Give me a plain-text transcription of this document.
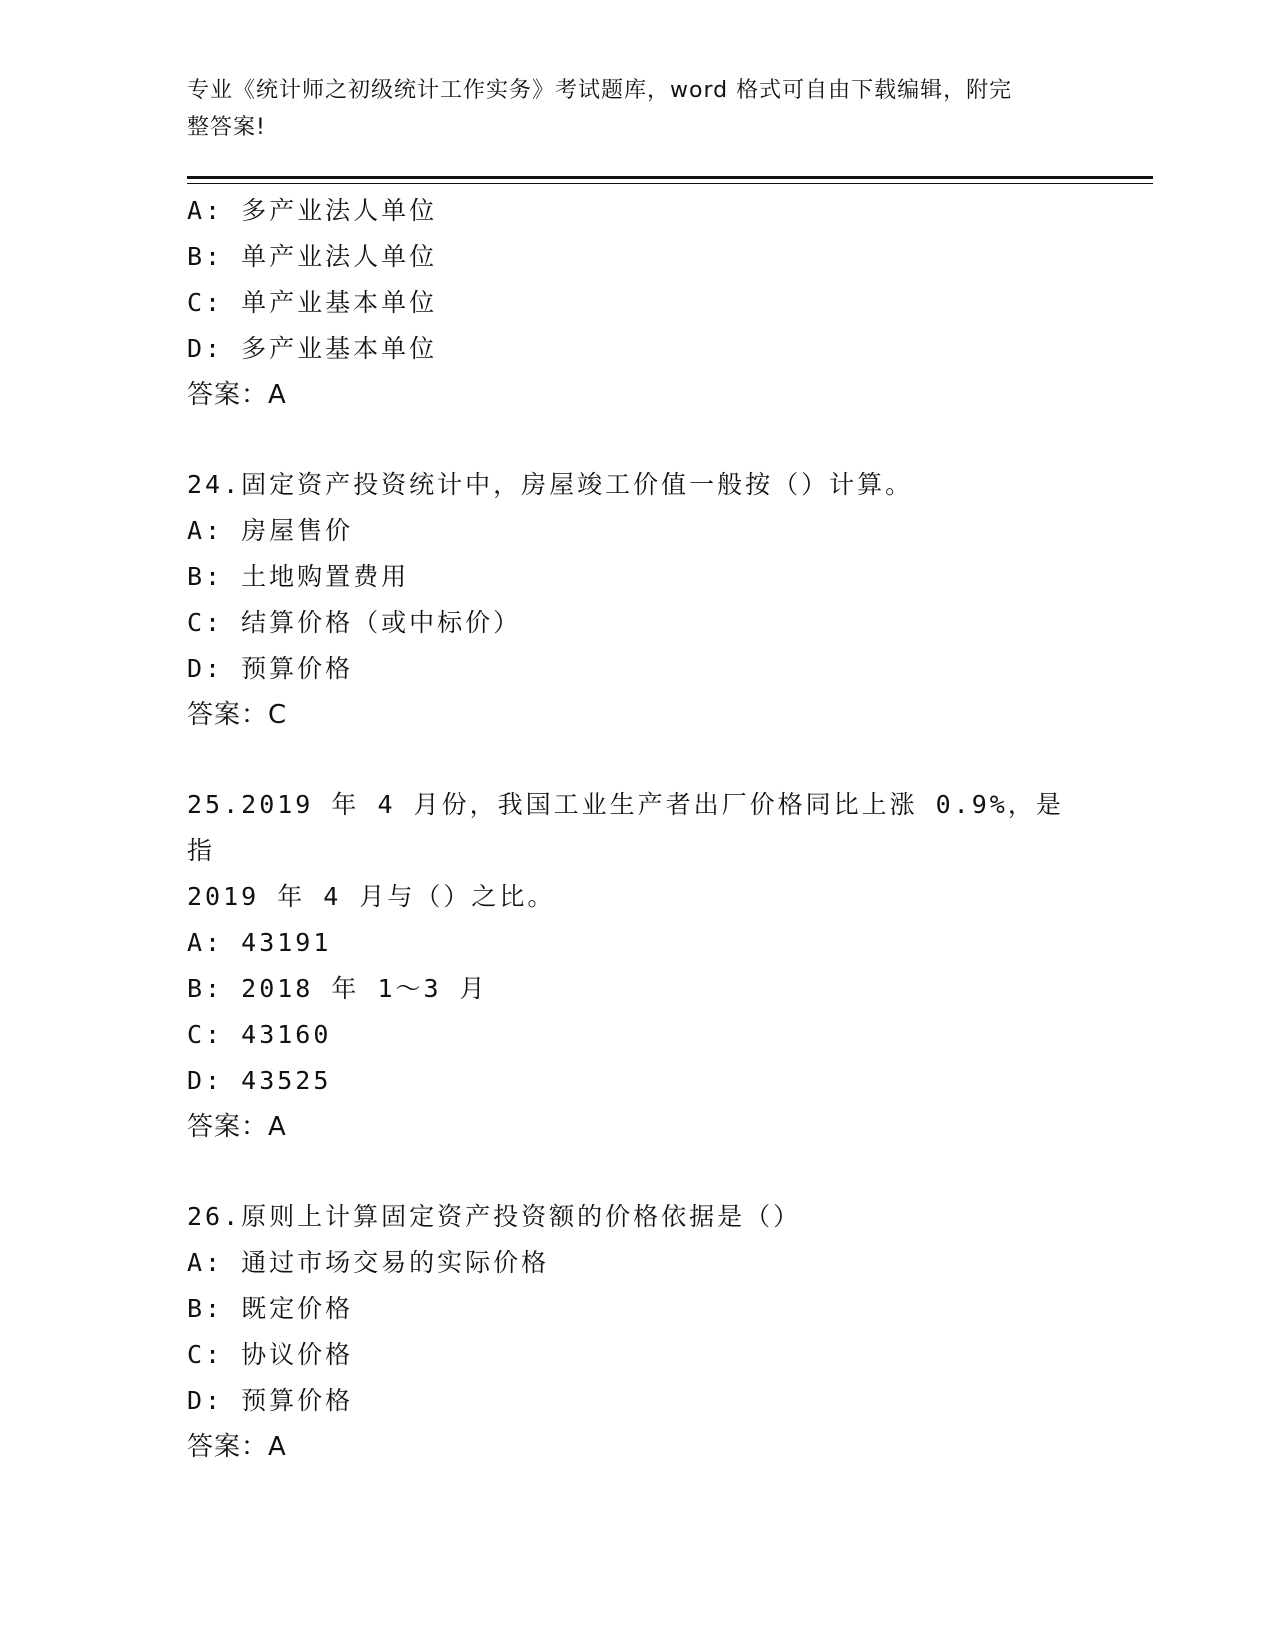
专业《统计师之初级统计工作实务》考试题库，word 格式可自由下载编辑，附完
整答案!
A: 多产业法人单位
B: 单产业法人单位
C: 单产业基本单位
D: 多产业基本单位
答案：A
24.固定资产投资统计中，房屋竣工价值一般按（）计算。
A: 房屋售价
B: 土地购置费用
C: 结算价格（或中标价）
D: 预算价格
答案：C
25.2019 年 4 月份，我国工业生产者出厂价格同比上涨 0.9%，是指
2019 年 4 月与（）之比。
A: 43191
B: 2018 年 1～3 月
C: 43160
D: 43525
答案：A
26.原则上计算固定资产投资额的价格依据是（）
A: 通过市场交易的实际价格
B: 既定价格
C: 协议价格
D: 预算价格
答案：A
